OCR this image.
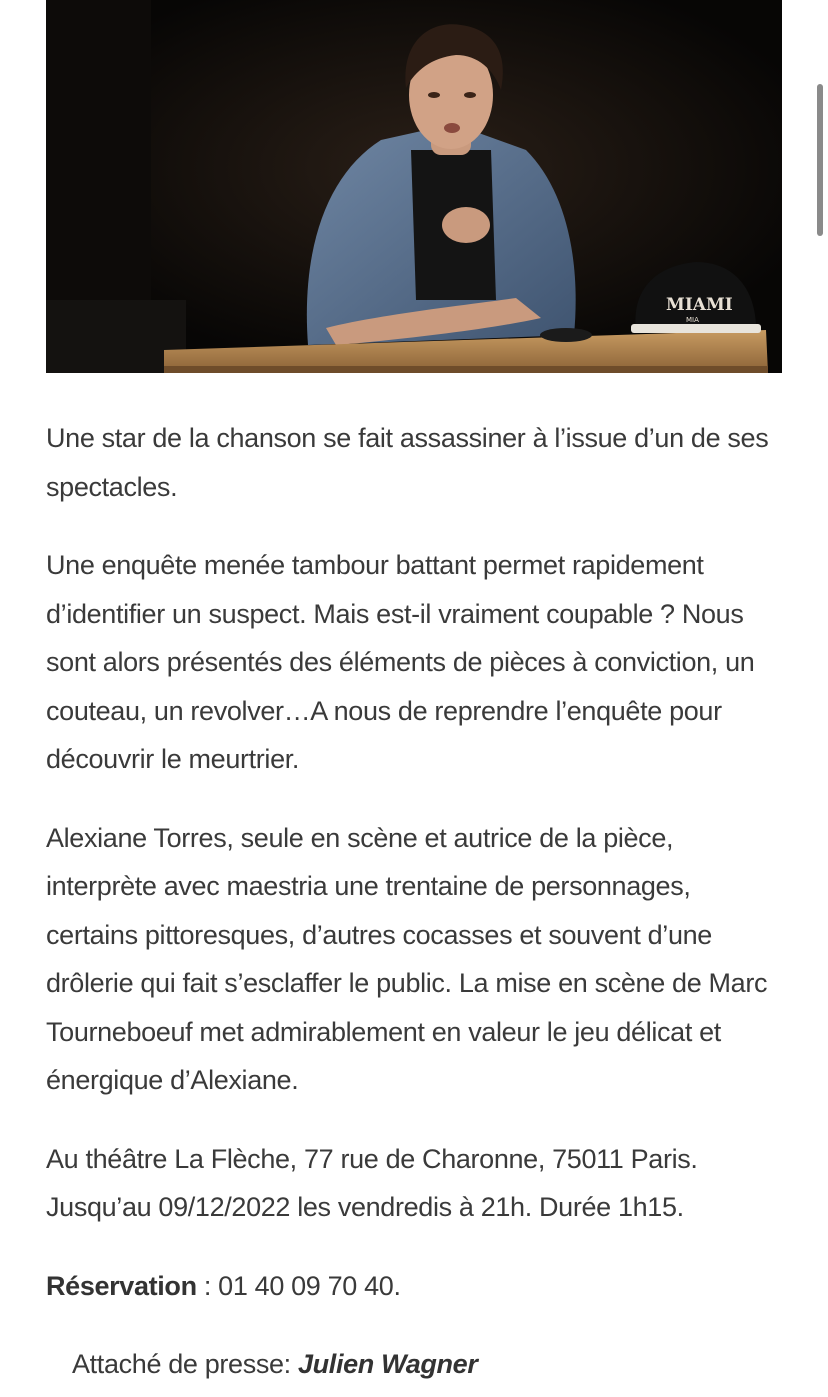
MIAMI
MIA

Une star de la chanson se fait assassiner à l’issue d’un de ses spectacles.

Une enquête menée tambour battant permet rapidement d’identifier un suspect. Mais est-il vraiment coupable ? Nous sont alors présentés des éléments de pièces à conviction, un couteau, un revolver…A nous de reprendre l’enquête pour découvrir le meurtrier.

Alexiane Torres, seule en scène et autrice de la pièce, interprète avec maestria une trentaine de personnages, certains pittoresques, d’autres cocasses et souvent d’une drôlerie qui fait s’esclaffer le public. La mise en scène de Marc Tourneboeuf met admirablement en valeur le jeu délicat et énergique d’Alexiane.

Au théâtre La Flèche, 77 rue de Charonne, 75011 Paris.
Jusqu’au 09/12/2022 les vendredis à 21h. Durée 1h15.

Réservation : 01 40 09 70 40.
Attaché de presse: Julien Wagner
